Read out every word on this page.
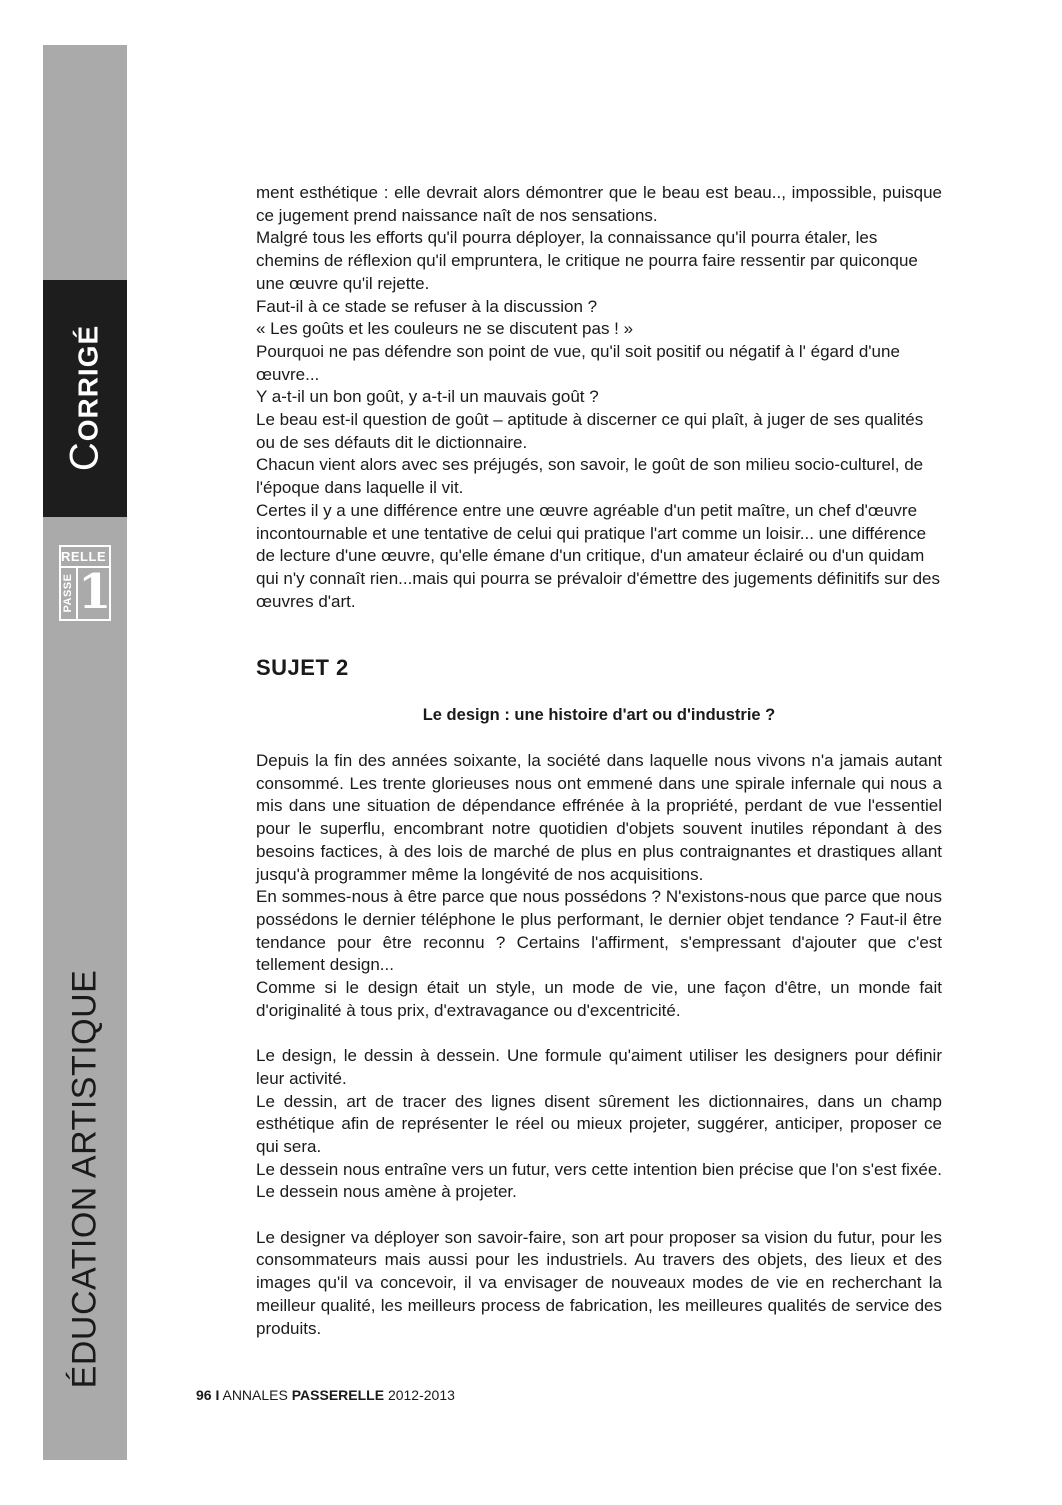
CORRIGÉ
RELLE
PASSE 1
ÉDUCATION ARTISTIQUE

ment esthétique : elle devrait alors démontrer que le beau est beau.., impossible, puisque ce jugement prend naissance naît de nos sensations.

Malgré tous les efforts qu'il pourra déployer, la connaissance qu'il pourra étaler, les chemins de réflexion qu'il empruntera, le critique ne pourra faire ressentir par quiconque une œuvre qu'il rejette.

Faut-il à ce stade se refuser à la discussion ?

« Les goûts et les couleurs ne se discutent pas ! »

Pourquoi ne pas défendre son point de vue, qu'il soit positif ou négatif à l' égard d'une œuvre...

Y a-t-il un bon goût, y a-t-il un mauvais goût ?

Le beau est-il question de goût – aptitude à discerner ce qui plaît, à juger de ses qualités ou de ses défauts dit le dictionnaire.

Chacun vient alors avec ses préjugés, son savoir, le goût de son milieu socio-culturel, de l'époque dans laquelle il vit.

Certes il y a une différence entre une œuvre agréable d'un petit maître, un chef d'œuvre incontournable et une tentative de celui qui pratique l'art comme un loisir... une différence de lecture d'une œuvre, qu'elle émane d'un critique, d'un amateur éclairé ou d'un quidam qui n'y connaît rien...mais qui pourra se prévaloir d'émettre des jugements définitifs sur des œuvres d'art.

SUJET 2
Le design : une histoire d'art ou d'industrie ?

Depuis la fin des années soixante, la société dans laquelle nous vivons n'a jamais autant consommé. Les trente glorieuses nous ont emmené dans une spirale infernale qui nous a mis dans une situation de dépendance effrénée à la propriété, perdant de vue l'essentiel pour le superflu, encombrant notre quotidien d'objets souvent inutiles répondant à des besoins factices, à des lois de marché de plus en plus contraignantes et drastiques allant jusqu'à programmer même la longévité de nos acquisitions.

En sommes-nous à être parce que nous possédons ? N'existons-nous que parce que nous possédons le dernier téléphone le plus performant, le dernier objet tendance ? Faut-il être tendance pour être reconnu ? Certains l'affirment, s'empressant d'ajouter que c'est tellement design...

Comme si le design était un style, un mode de vie, une façon d'être, un monde fait d'originalité à tous prix, d'extravagance ou d'excentricité.

Le design, le dessin à dessein. Une formule qu'aiment utiliser les designers pour définir leur activité.

Le dessin, art de tracer des lignes disent sûrement les dictionnaires, dans un champ esthétique afin de représenter le réel ou mieux projeter, suggérer, anticiper, proposer ce qui sera.

Le dessein nous entraîne vers un futur, vers cette intention bien précise que l'on s'est fixée. Le dessein nous amène à projeter.

Le designer va déployer son savoir-faire, son art pour proposer sa vision du futur, pour les consommateurs mais aussi pour les industriels. Au travers des objets, des lieux et des images qu'il va concevoir, il va envisager de nouveaux modes de vie en recherchant la meilleur qualité, les meilleurs process de fabrication, les meilleures qualités de service des produits.

96 I ANNALES PASSERELLE 2012-2013
